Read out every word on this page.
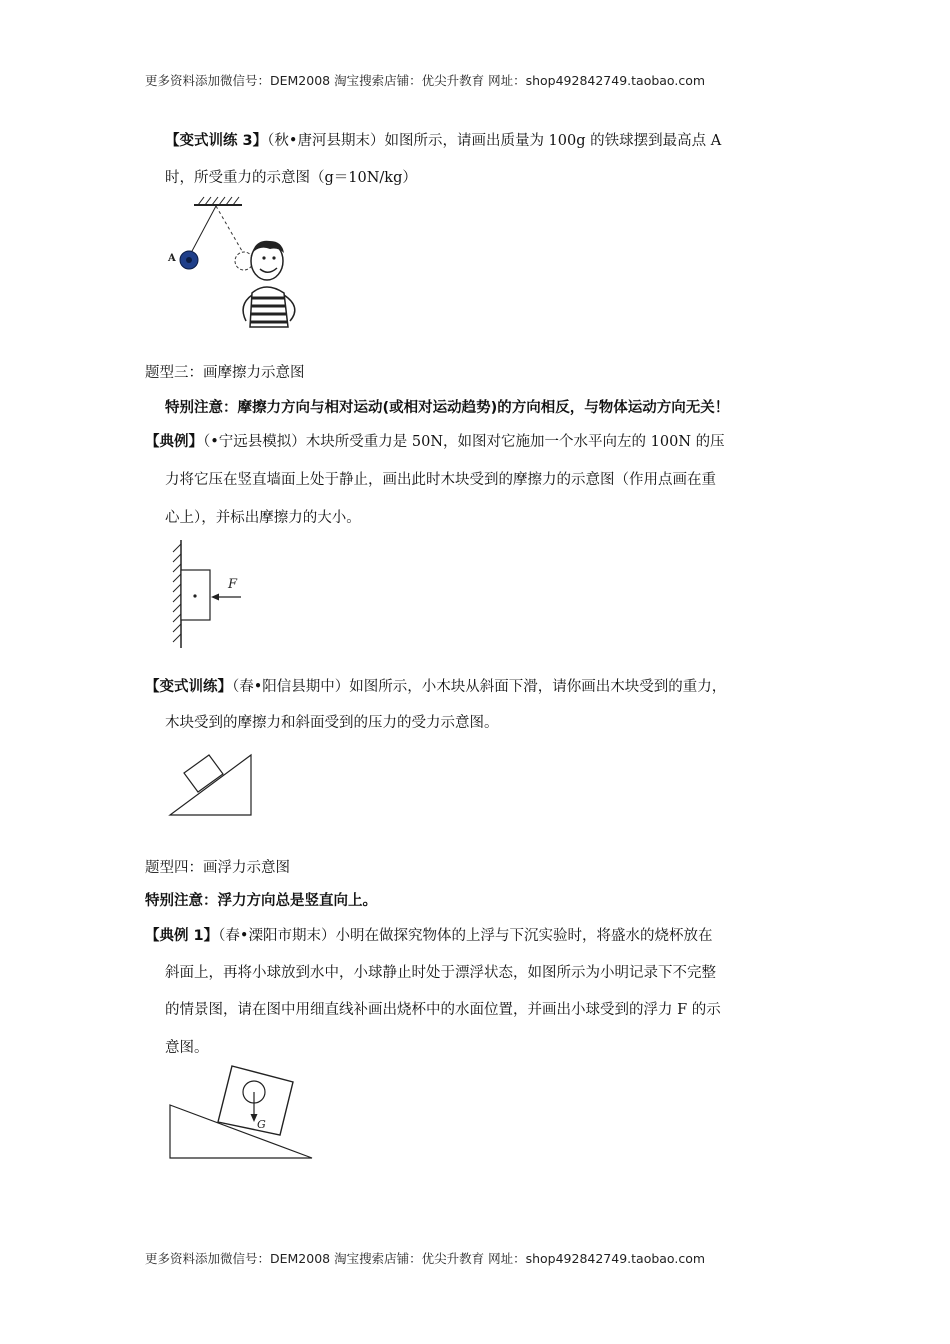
更多资料添加微信号：DEM2008 淘宝搜索店铺：优尖升教育 网址：shop492842749.taobao.com
【变式训练 3】（秋•唐河县期末）如图所示，请画出质量为 100g 的铁球摆到最高点 A
时，所受重力的示意图（g＝10N/kg）
A
题型三：画摩擦力示意图
特别注意：摩擦力方向与相对运动(或相对运动趋势)的方向相反，与物体运动方向无关！
【典例】（•宁远县模拟）木块所受重力是 50N，如图对它施加一个水平向左的 100N 的压
力将它压在竖直墙面上处于静止，画出此时木块受到的摩擦力的示意图（作用点画在重
心上），并标出摩擦力的大小。
F
【变式训练】（春•阳信县期中）如图所示，小木块从斜面下滑，请你画出木块受到的重力，
木块受到的摩擦力和斜面受到的压力的受力示意图。
题型四：画浮力示意图
特别注意：浮力方向总是竖直向上。
【典例 1】（春•溧阳市期末）小明在做探究物体的上浮与下沉实验时，将盛水的烧杯放在
斜面上，再将小球放到水中，小球静止时处于漂浮状态，如图所示为小明记录下不完整
的情景图，请在图中用细直线补画出烧杯中的水面位置，并画出小球受到的浮力 F 的示
意图。
G
更多资料添加微信号：DEM2008 淘宝搜索店铺：优尖升教育 网址：shop492842749.taobao.com
